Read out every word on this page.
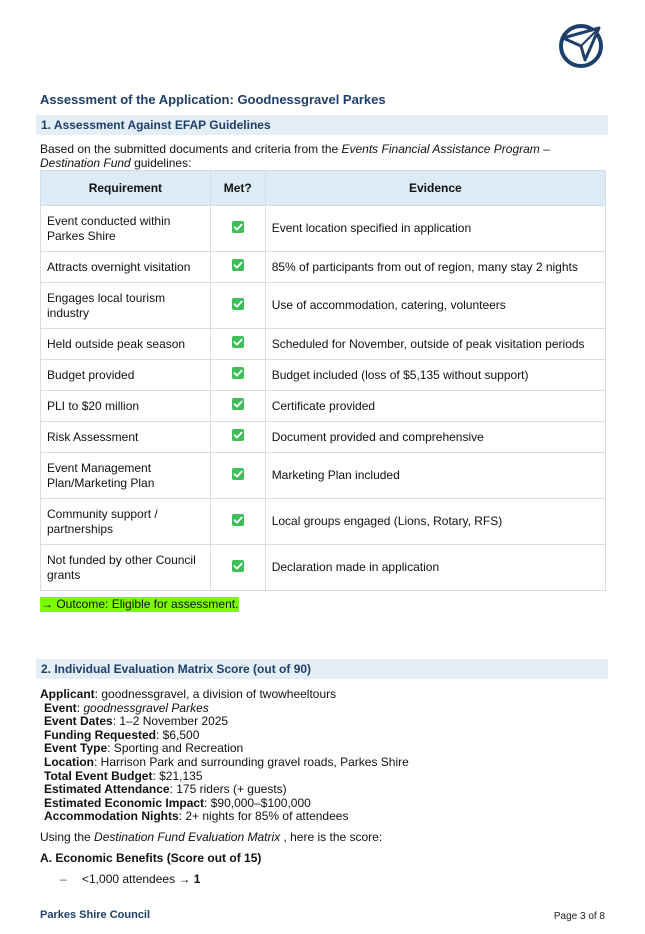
Assessment of the Application: Goodnessgravel Parkes
1. Assessment Against EFAP Guidelines
Based on the submitted documents and criteria from the Events Financial Assistance Program – Destination Fund guidelines:
Requirement	Met?	Evidence
Event conducted within Parkes Shire		Event location specified in application
Attracts overnight visitation		85% of participants from out of region, many stay 2 nights
Engages local tourism industry		Use of accommodation, catering, volunteers
Held outside peak season		Scheduled for November, outside of peak visitation periods
Budget provided		Budget included (loss of $5,135 without support)
PLI to $20 million		Certificate provided
Risk Assessment		Document provided and comprehensive
Event Management Plan/Marketing Plan		Marketing Plan included
Community support / partnerships		Local groups engaged (Lions, Rotary, RFS)
Not funded by other Council grants		Declaration made in application
→ Outcome: Eligible for assessment.
2. Individual Evaluation Matrix Score (out of 90)
Applicant: goodnessgravel, a division of twowheeltours
Event: goodnessgravel Parkes
Event Dates: 1–2 November 2025
Funding Requested: $6,500
Event Type: Sporting and Recreation
Location: Harrison Park and surrounding gravel roads, Parkes Shire
Total Event Budget: $21,135
Estimated Attendance: 175 riders (+ guests)
Estimated Economic Impact: $90,000–$100,000
Accommodation Nights: 2+ nights for 85% of attendees
Using the Destination Fund Evaluation Matrix , here is the score:
A. Economic Benefits (Score out of 15)
– <1,000 attendees → 1
Parkes Shire Council	Page 3 of 8
